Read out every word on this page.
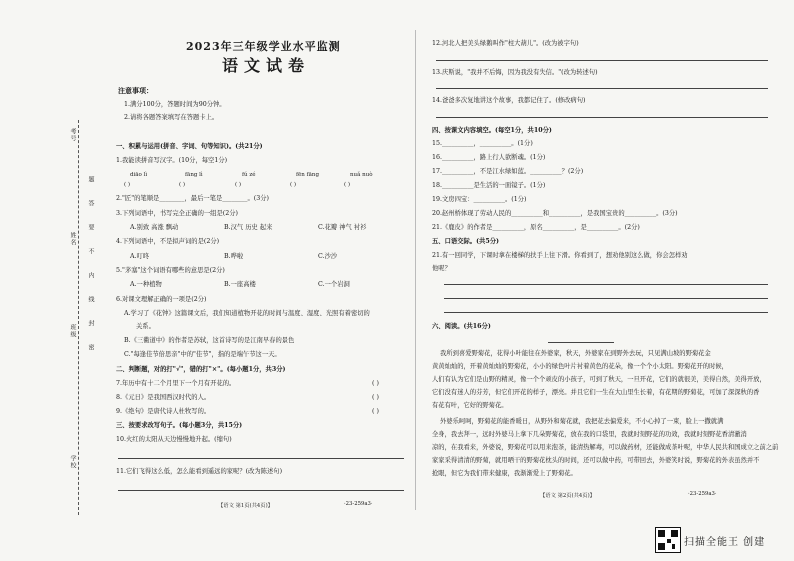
考号
姓名
班级
学校
题
答
要
不
内
线
封
密
2023年三年级学业水平监测
语文试卷
注意事项：
1.满分100分，答题时间为90分钟。
2.请将各题答案填写在答题卡上。
一、积累与运用(拼音、字词、句等知识)。(共21分)
1.我能读拼音写汉字。(10分，每空1分)
diāo lì	fāng lì	fú zé	fēn fāng	nuǎ nuò
( )	( )	( )	( )	( )
2."匠"的笔顺是________，最后一笔是________。(3分)
3.下列词语中，书写完全正确的一组是(2分)
A.别致 高涨 飘动	B.汉气 历史 起来	C.花瓣 神气 衬衫
4.下列词语中，不是拟声词的是(2分)
A.叮咚	B.哗啦	C.沙沙
5."茅塞"这个词语有哪些的意思是(2分)
A.一种植物	B.一座高楼	C.一个岩洞
6.对课文理解正确的一项是(2分)
A.学习了《花钟》这篇课文后，我们知道植物开花的时间与温度、湿度、光照有着密切的
关系。
B.《三衢道中》的作者是苏轼，这首诗写的是江南早春的景色
C."每逢佳节倍思亲"中的"佳节"，指的是端午节这一天。
二、判断题，对的打"√"，错的打"×"。(每小题1分，共3分)
7.年历中有十二个月里下一个月有开花的。	( )
8.《元日》是我国西汉时代的人。	( )
9.《绝句》是唐代诗人杜牧写的。	( )
三、按要求改写句子。(每小题3分，共15分)
10.火红的太阳从天边慢慢地升起。(缩句)
11.它们飞得这么低，怎么能看到遥远的家呢？(改为陈述句)
【语文 第1页(共4页)】	·23-259a3·
12.河北人把美头绿鹅叫作"柱大葫儿"。(改为被字句)
13.庆斯说，"我并不后悔，因为我没有失信。"(改为转述句)
14.爸爸多次复地讲这个故事，我都记住了。(修改病句)
四、按课文内容填空。(每空1分，共10分)
15.__________，__________。(1分)
16.__________，路上行人欲断魂。(1分)
17.__________，不是江水绿如蓝。__________？(2分)
18.__________是生活的一面镜子。(1分)
19.文房四宝：__________。(1分)
20.赵州桥体现了劳动人民的__________和__________，是我国宝贵的__________。(3分)
21.《鹿皮》的作者是__________，原名__________，是__________。(2分)
五、口语交际。(共5分)
21.有一回同学，下课时拿在楼梯的扶手上往下滑。你看到了，想劝他别这么做，你会怎样劝
他呢？
六、阅读。(共16分)
我所到喜爱野菊花，花得小叶能往在外婆家，秋天，外婆家在到野外去玩，只见满山坡的野菊花金
黄黄灿灿的，开着黄灿灿的野菊花，小小的绿色叶片衬着黄色的花朵，像一个个小太阳。野菊花开的时候，
人们有认为它们是山野的精灵，像一个个顽皮的小孩子，可到了秋天，一旦开花，它们的就很美，美得自然，美得开放，
它们没有迷人的芬芳，但它们开花的样子，漂亮。并且它们一生在大山里生长着，有花期的野菊花，可加了深深秋的香
有花有叶，它好的野菊花。
外婆乐呵呵，野菊花的能香暖日，从野外和菊花就，我把花去偏爱来，不小心掉了一束，脸上一撒就满
全身，我去拜一，远时外婆马上拿下几朵野菊花，放在我的口袋里，我就时刻野花的功效，我就时刻野花香清澈消
凉的，在我看来，外婆说，野菊花可以用来泡茶，能清热解毒，可以做药材，还能做成茶叶呢，中华人民共和国成立之前之前
家家采得清清的野菊，就用晒干的野菊花枕头的时间，还可以做中药，可带回去，外婆笑时说，野菊花的外表虽然并不
抢眼，但它为我们带来健康，我渐渐爱上了野菊花。
【语文 第2页(共4页)】	·23-259a3·
扫描全能王 创建
